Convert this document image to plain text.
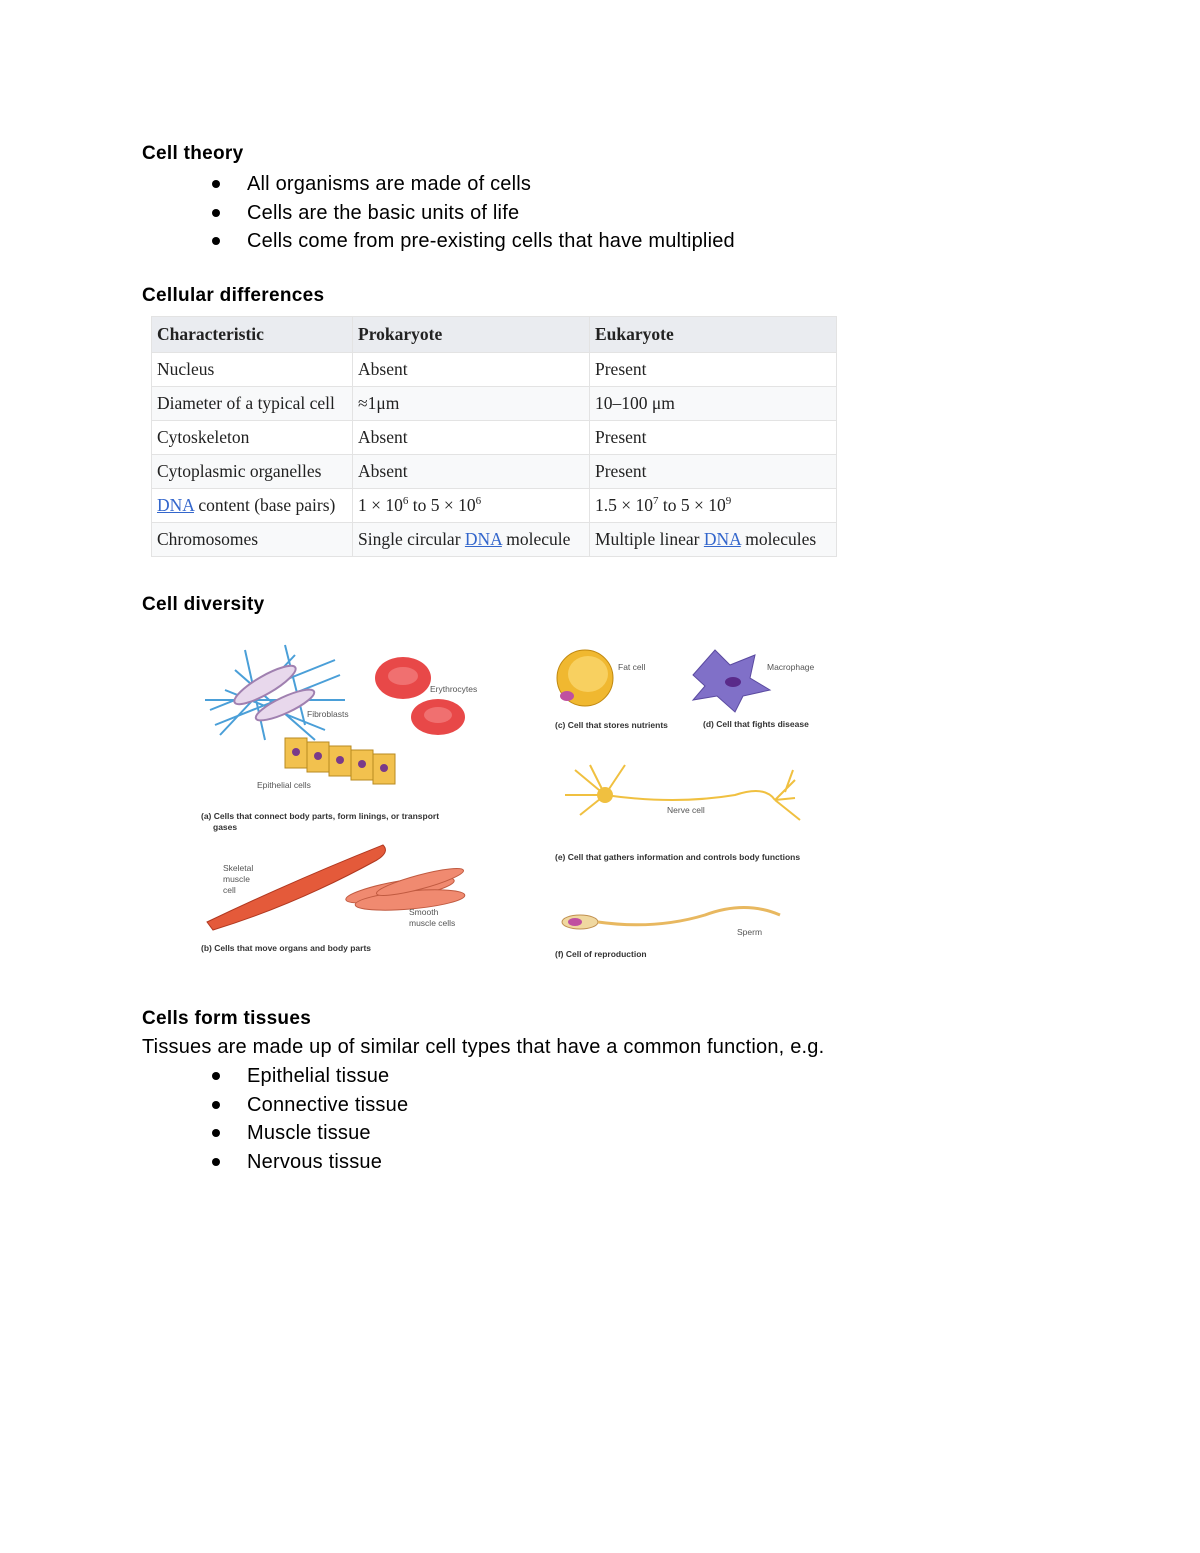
Cell theory
All organisms are made of cells
Cells are the basic units of life
Cells come from pre-existing cells that have multiplied
Cellular differences
Characteristic	Prokaryote	Eukaryote
Nucleus	Absent	Present
Diameter of a typical cell	≈1μm	10–100 μm
Cytoskeleton	Absent	Present
Cytoplasmic organelles	Absent	Present
DNA content (base pairs)	$1 \times 10^6$ to $5 \times 10^6$	$1.5 \times 10^7$ to $5 \times 10^9$
Chromosomes	Single circular DNA molecule	Multiple linear DNA molecules
Cell diversity
Fibroblasts
Erythrocytes
Epithelial cells
(a) Cells that connect body parts, form linings, or transport
gases
Skeletal
muscle
cell
Smooth
muscle cells
(b) Cells that move organs and body parts
Fat cell
(c) Cell that stores nutrients
Macrophage
(d) Cell that fights disease
Nerve cell
(e) Cell that gathers information and controls body functions
Sperm
(f) Cell of reproduction
Cells form tissues

Tissues are made up of similar cell types that have a common function, e.g.

Epithelial tissue
Connective tissue
Muscle tissue
Nervous tissue
